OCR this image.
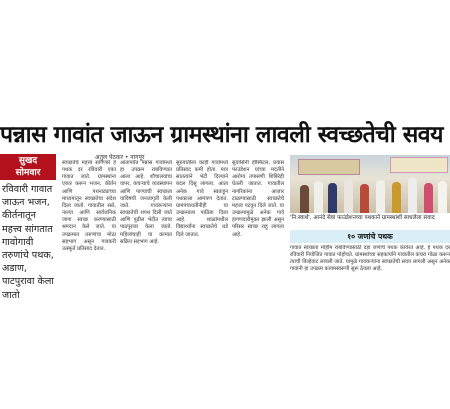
पन्नास गावांत जाऊन ग्रामस्थांना लावली स्वच्छतेची सवय
सुखद
सोमवार
रविवारी गावात जाऊन भजन, कीर्तनातून महत्त्व सांगतात गावोगावी तरुणांचे पथक, अडाण, पाटपुरावा केला जातो
अतुल पेठकर • नागपूर

स्वच्छतेचे महत्त्व सांगणारे हे पथक दर रविवारी एका गावात जाते. ग्रामस्थांना एकत्र करून भजन, कीर्तन आणि पथनाट्याच्या माध्यमातून स्वच्छतेचा संदेश दिला जातो. गावातील रस्ते, नाल्या आणि सार्वजनिक जागा स्वच्छ करण्यासाठी श्रमदान केले जाते. या उपक्रमात तरुणांचा मोठा सहभाग असून गावकरी उत्स्फूर्त प्रतिसाद देतात.

आतापर्यंत पन्नास गावांमध्ये हा उपक्रम राबविण्यात आला आहे. शौचालयांचा वापर, कचऱ्याचे व्यवस्थापन आणि पाण्याची स्वच्छता याविषयी जनजागृती केली जाते. गावकऱ्यांना स्वच्छतेची शपथ दिली जाते आणि पुढील भेटीत त्याचा पाठपुरावा केला जातो. महिलांचाही या कामात सक्रिय सहभाग आहे.

सुरुवातीला काही गावांमध्ये प्रतिसाद कमी होता. मात्र सातत्याने भेटी दिल्याने बदल दिसू लागला. आता अनेक गावे स्वतःहून पथकाला आमंत्रण देतात. ग्रामपंचायतींनीही या उपक्रमाला पाठिंबा दिला आहे. शाळांमधील विद्यार्थ्यांना स्वच्छतेचे धडे दिले जातात.

सुवासिनी हॉस्पिटल, प्रयास फाउंडेशन यांच्या मदतीने आरोग्य तपासणी शिबिरेही घेतली जातात. गावातील नागरिकांना आजार टाळण्यासाठी स्वच्छतेचे महत्त्व पटवून दिले जाते. या उपक्रमामुळे अनेक गावे हागणदारीमुक्त झाली असून परिसर स्वच्छ राहू लागला आहे.

'नि:स्वार्थ', आनंदे सेवा फाउंडेशनच्या पथकाने ग्रामस्थांशी साधलेला संवाद
१० जणांचे पथक

गावात स्वच्छता मोहीम राबविण्यासाठी दहा जणांचे पथक कार्यरत आहे. हे पथक दर रविवारी नियोजित गावात पोहोचते. ग्रामस्थांच्या सहकार्याने गावातील कचरा गोळा करून त्याची विल्हेवाट लावली जाते. यामुळे गावकऱ्यांना स्वच्छतेची सवय लागली असून अनेक गावांनी हा उपक्रम कायमस्वरूपी सुरू ठेवला आहे.
